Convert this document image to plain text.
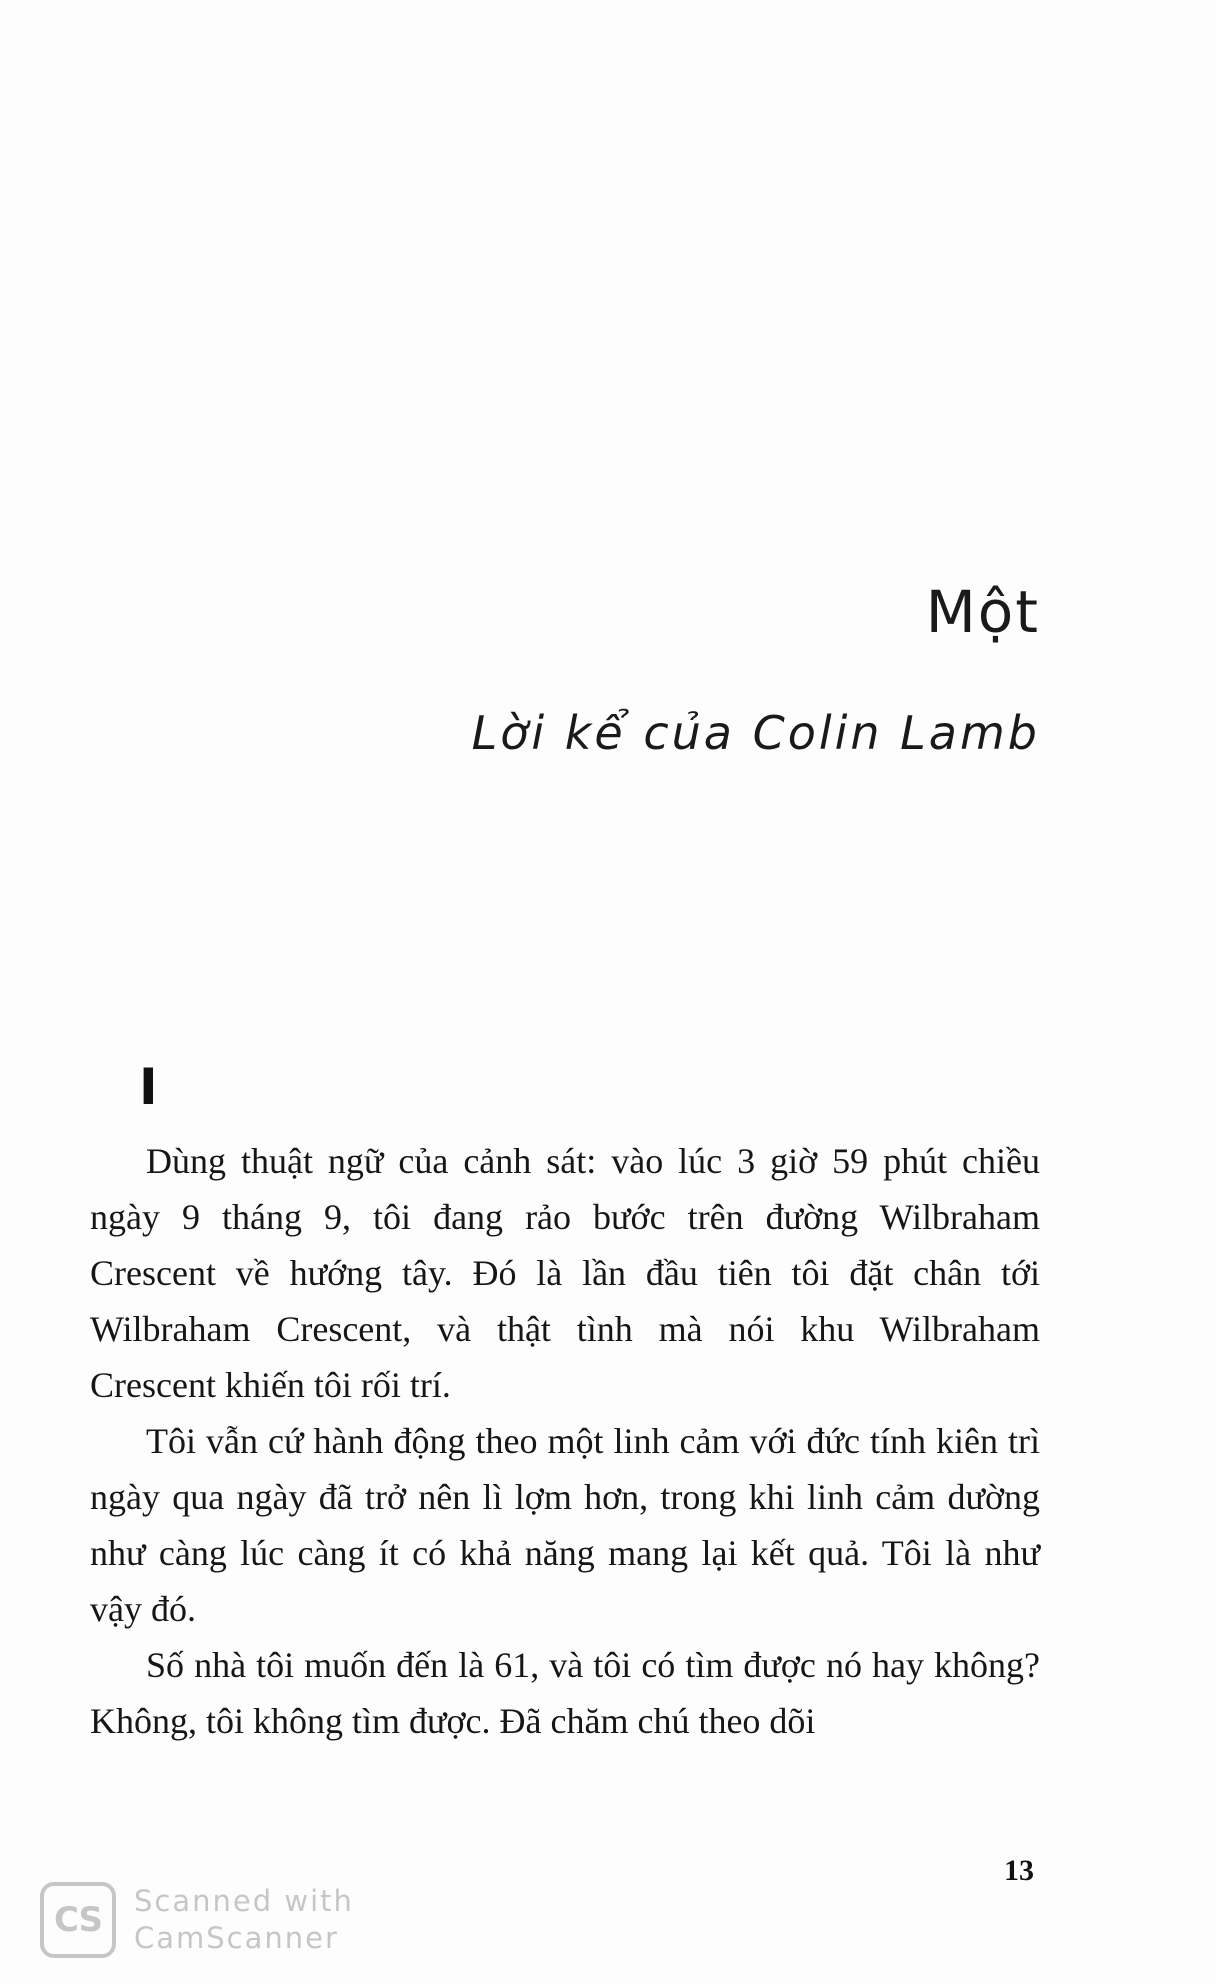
Một
Lời kể của Colin Lamb
I

Dùng thuật ngữ của cảnh sát: vào lúc 3 giờ 59 phút chiều ngày 9 tháng 9, tôi đang rảo bước trên đường Wilbraham Crescent về hướng tây. Đó là lần đầu tiên tôi đặt chân tới Wilbraham Crescent, và thật tình mà nói khu Wilbraham Crescent khiến tôi rối trí.

Tôi vẫn cứ hành động theo một linh cảm với đức tính kiên trì ngày qua ngày đã trở nên lì lợm hơn, trong khi linh cảm dường như càng lúc càng ít có khả năng mang lại kết quả. Tôi là như vậy đó.

Số nhà tôi muốn đến là 61, và tôi có tìm được nó hay không? Không, tôi không tìm được. Đã chăm chú theo dõi

13
CS	Scanned with
CamScanner
